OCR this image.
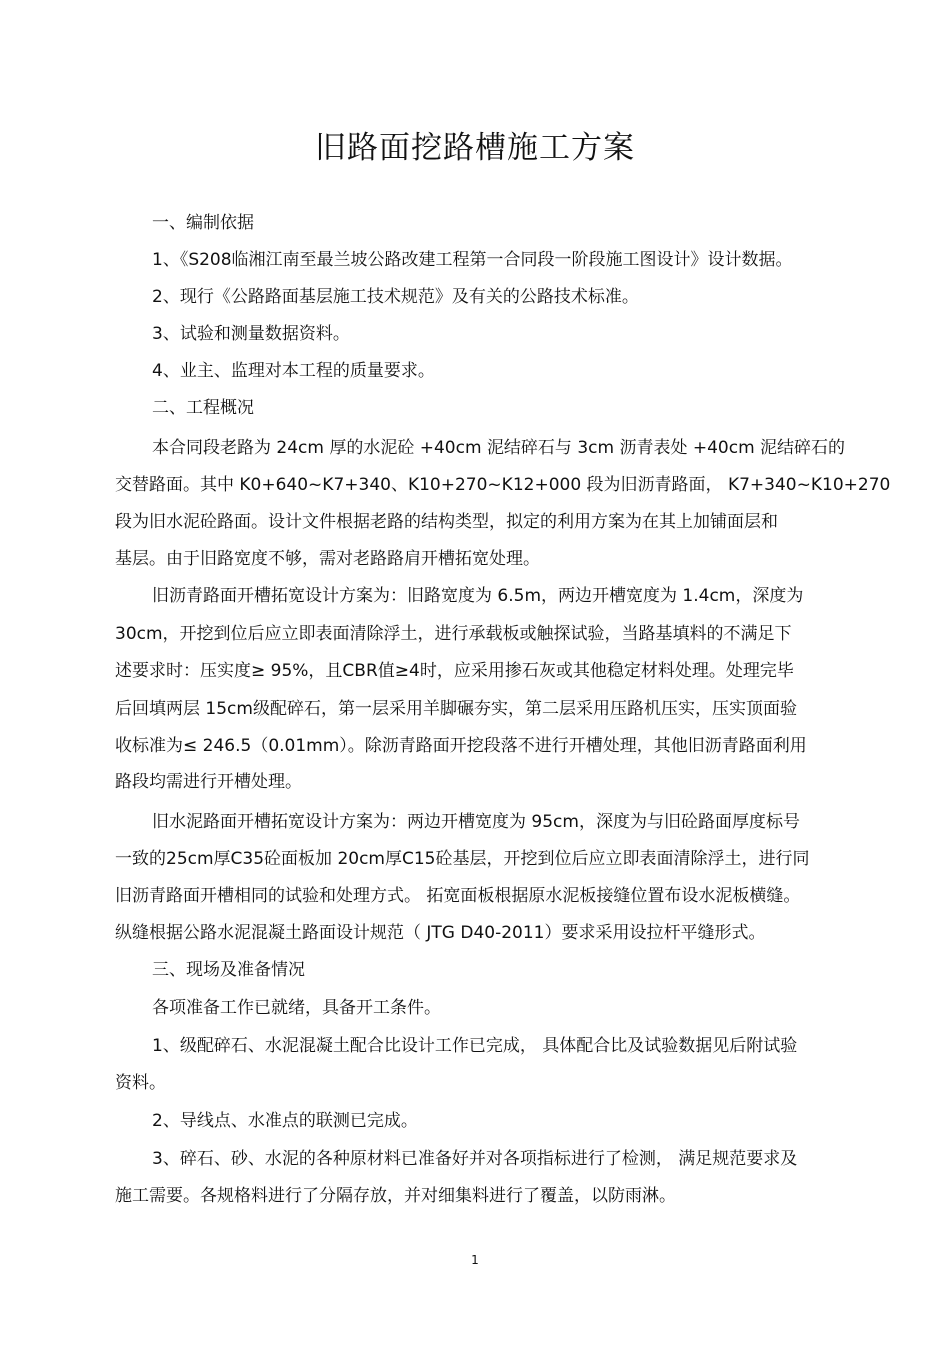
旧路面挖路槽施工方案

一、编制依据

1、《S208临湘江南至最兰坡公路改建工程第一合同段一阶段施工图设计》设计数据。

2、现行《公路路面基层施工技术规范》及有关的公路技术标准。

3、试验和测量数据资料。

4、业主、监理对本工程的质量要求。

二、工程概况

本合同段老路为 24cm 厚的水泥砼 +40cm 泥结碎石与 3cm 沥青表处 +40cm 泥结碎石的

交替路面。其中 K0+640~K7+340、K10+270~K12+000 段为旧沥青路面， K7+340~K10+270

段为旧水泥砼路面。设计文件根据老路的结构类型，拟定的利用方案为在其上加铺面层和

基层。由于旧路宽度不够，需对老路路肩开槽拓宽处理。

旧沥青路面开槽拓宽设计方案为：旧路宽度为 6.5m，两边开槽宽度为 1.4cm，深度为

30cm，开挖到位后应立即表面清除浮土，进行承载板或触探试验，当路基填料的不满足下

述要求时：压实度≥ 95%，且CBR值≥4时，应采用掺石灰或其他稳定材料处理。处理完毕

后回填两层 15cm级配碎石，第一层采用羊脚碾夯实，第二层采用压路机压实，压实顶面验

收标准为≤ 246.5（0.01mm）。除沥青路面开挖段落不进行开槽处理，其他旧沥青路面利用

路段均需进行开槽处理。

旧水泥路面开槽拓宽设计方案为：两边开槽宽度为 95cm，深度为与旧砼路面厚度标号

一致的25cm厚C35砼面板加 20cm厚C15砼基层，开挖到位后应立即表面清除浮土，进行同

旧沥青路面开槽相同的试验和处理方式。 拓宽面板根据原水泥板接缝位置布设水泥板横缝。

纵缝根据公路水泥混凝土路面设计规范（ JTG D40-2011）要求采用设拉杆平缝形式。

三、现场及准备情况

各项准备工作已就绪，具备开工条件。

1、级配碎石、水泥混凝土配合比设计工作已完成， 具体配合比及试验数据见后附试验

资料。

2、导线点、水准点的联测已完成。

3、碎石、砂、水泥的各种原材料已准备好并对各项指标进行了检测， 满足规范要求及

施工需要。各规格料进行了分隔存放，并对细集料进行了覆盖，以防雨淋。

1
